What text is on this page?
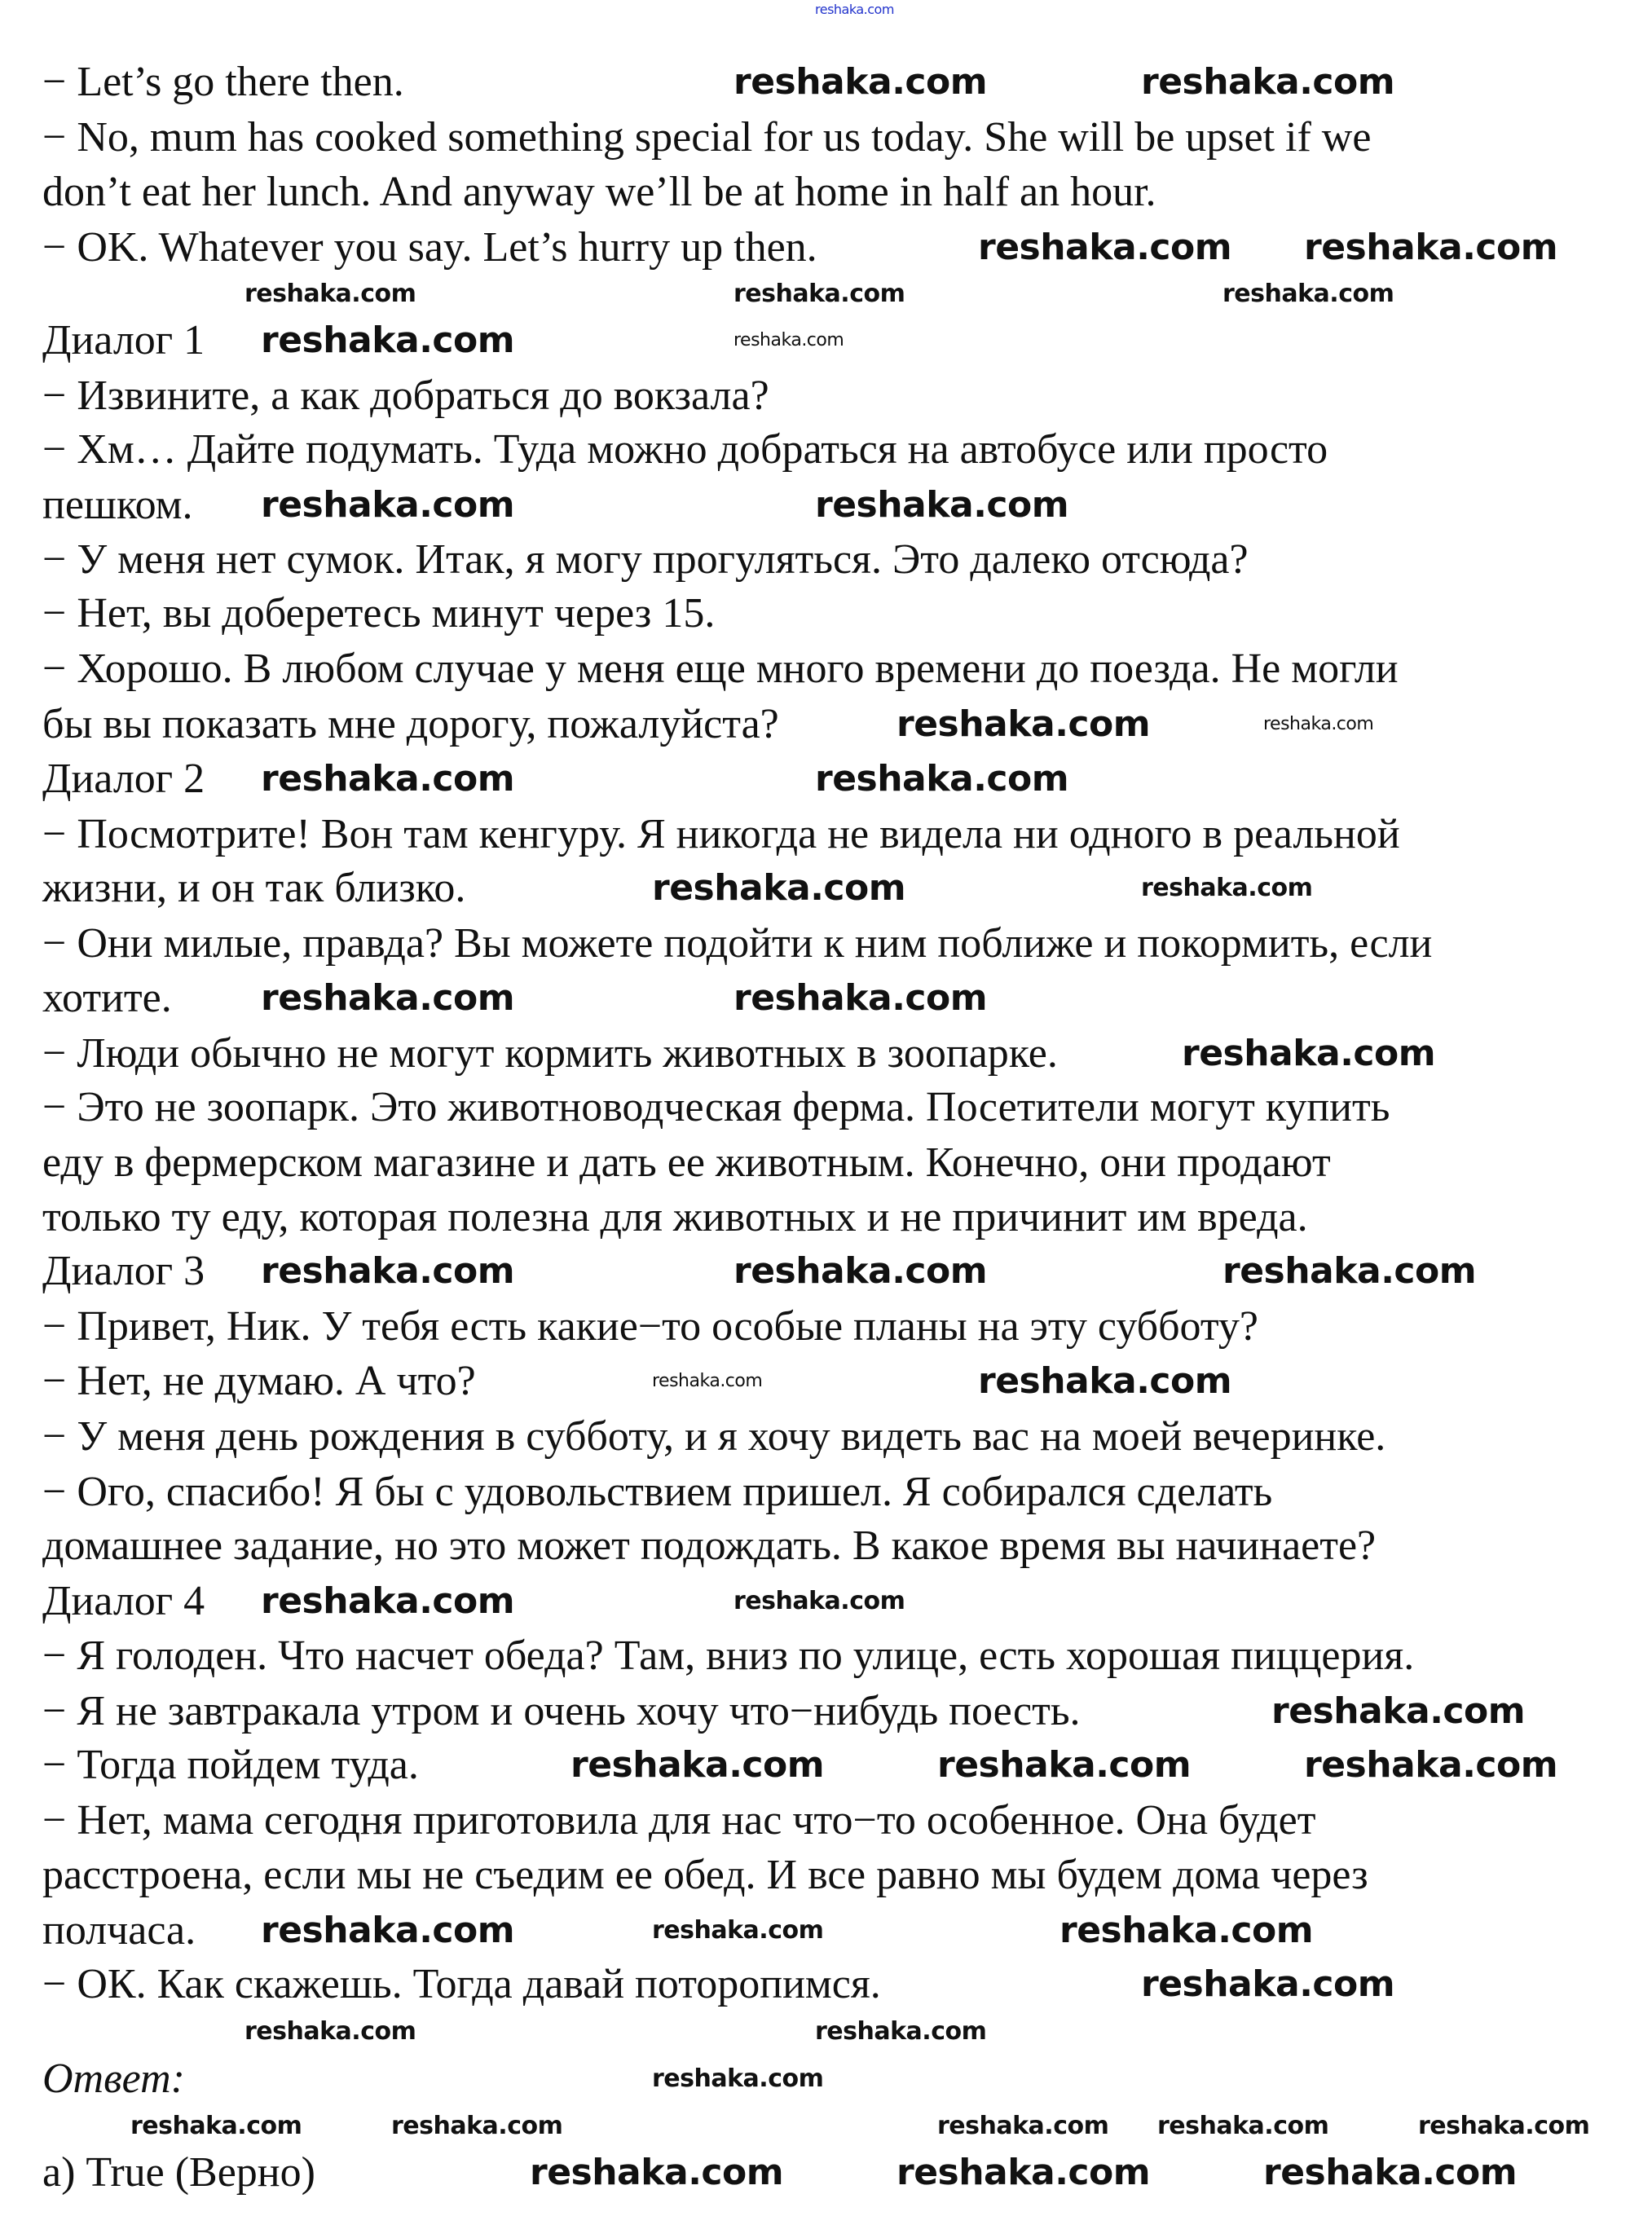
Ответ:
а) True (Верно)
− Let’s go there then.
− No, mum has cooked something special for us today. She will be upset if we
don’t eat her lunch. And anyway we’ll be at home in half an hour.
− OK. Whatever you say. Let’s hurry up then.
Диалог 1
− Извините, а как добраться до вокзала?
− Хм… Дайте подумать. Туда можно добраться на автобусе или просто
пешком.
− У меня нет сумок. Итак, я могу прогуляться. Это далеко отсюда?
− Нет, вы доберетесь минут через 15.
− Хорошо. В любом случае у меня еще много времени до поезда. Не могли
бы вы показать мне дорогу, пожалуйста?
Диалог 2
− Посмотрите! Вон там кенгуру. Я никогда не видела ни одного в реальной
жизни, и он так близко.
− Они милые, правда? Вы можете подойти к ним поближе и покормить, если
хотите.
− Люди обычно не могут кормить животных в зоопарке.
− Это не зоопарк. Это животноводческая ферма. Посетители могут купить
еду в фермерском магазине и дать ее животным. Конечно, они продают
только ту еду, которая полезна для животных и не причинит им вреда.
Диалог 3
− Привет, Ник. У тебя есть какие−то особые планы на эту субботу?
− Нет, не думаю. А что?
− У меня день рождения в субботу, и я хочу видеть вас на моей вечеринке.
− Ого, спасибо! Я бы с удовольствием пришел. Я собирался сделать
домашнее задание, но это может подождать. В какое время вы начинаете?
Диалог 4
− Я голоден. Что насчет обеда? Там, вниз по улице, есть хорошая пиццерия.
− Я не завтракала утром и очень хочу что−нибудь поесть.
− Тогда пойдем туда.
− Нет, мама сегодня приготовила для нас что−то особенное. Она будет
расстроена, если мы не съедим ее обед. И все равно мы будем дома через
полчаса.
− ОК. Как скажешь. Тогда давай поторопимся.
reshaka.com	reshaka.com
reshaka.com reshaka.com
reshaka.com	reshaka.com
reshaka.com	reshaka.com
reshaka.com	reshaka.com
reshaka.com	reshaka.com
reshaka.com	reshaka.com
reshaka.com	reshaka.com
reshaka.com
reshaka.com	reshaka.com	reshaka.com
reshaka.com	reshaka.com
reshaka.com	reshaka.com
reshaka.com
reshaka.com	reshaka.com	reshaka.com
reshaka.com	reshaka.com	reshaka.com
reshaka.com
reshaka.com
reshaka.com	reshaka.com	reshaka.com
reshaka.com	reshaka.com	reshaka.com
reshaka.com	reshaka.com
reshaka.com	reshaka.com	reshaka.com reshaka.com	reshaka.com
reshaka.com
